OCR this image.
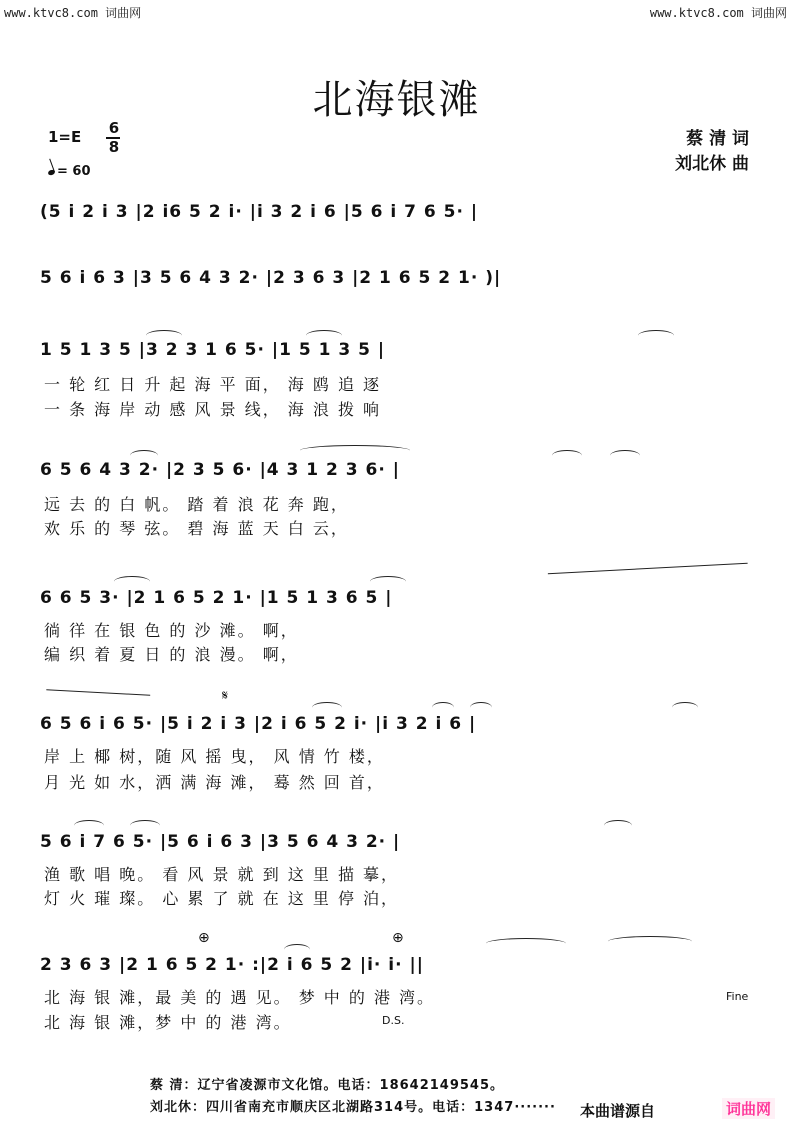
www.ktvc8.com 词曲网	www.ktvc8.com 词曲网
北海银滩
蔡 清 词
刘北休 曲
1=E 6
8
= 60
(5 i 2 i 3 |2 i6 5 2 i· |i 3 2 i 6 |5 6 i 7 6 5· |
5 6 i 6 3 |3 5 6 4 3 2· |2 3 6 3 |2 1 6 5 2 1· )|
1 5 1 3 5 |3 2 3 1 6 5· |1 5 1 3 5 |
一 轮 红 日 升 起 海 平 面， 海 鸥 追 逐
一 条 海 岸 动 感 风 景 线， 海 浪 拨 响
6 5 6 4 3 2· |2 3 5 6· |4 3 1 2 3 6· |
远 去 的 白 帆。 踏 着 浪 花 奔 跑，
欢 乐 的 琴 弦。 碧 海 蓝 天 白 云，
6 6 5 3· |2 1 6 5 2 1· |1 5 1 3 6 5 |
徜 徉 在 银 色 的 沙 滩。 啊，
编 织 着 夏 日 的 浪 漫。 啊，
𝄋
6 5 6 i 6 5· |5 i 2 i 3 |2 i 6 5 2 i· |i 3 2 i 6 |
岸 上 椰 树，随 风 摇 曳， 风 情 竹 楼，
月 光 如 水，洒 满 海 滩， 蓦 然 回 首，
5 6 i 7 6 5· |5 6 i 6 3 |3 5 6 4 3 2· |
渔 歌 唱 晚。 看 风 景 就 到 这 里 描 摹，
灯 火 璀 璨。 心 累 了 就 在 这 里 停 泊，
⊕	⊕
2 3 6 3 |2 1 6 5 2 1· :|2 i 6 5 2 |i· i· ||
北 海 银 滩，最 美 的 遇 见。 梦 中 的 港 湾。
北 海 银 滩，梦 中 的 港 湾。
Fine
D.S.
蔡 清：辽宁省凌源市文化馆。电话：18642149545。
刘北休：四川省南充市顺庆区北湖路314号。电话：1347······· 本曲谱源自	词曲网
